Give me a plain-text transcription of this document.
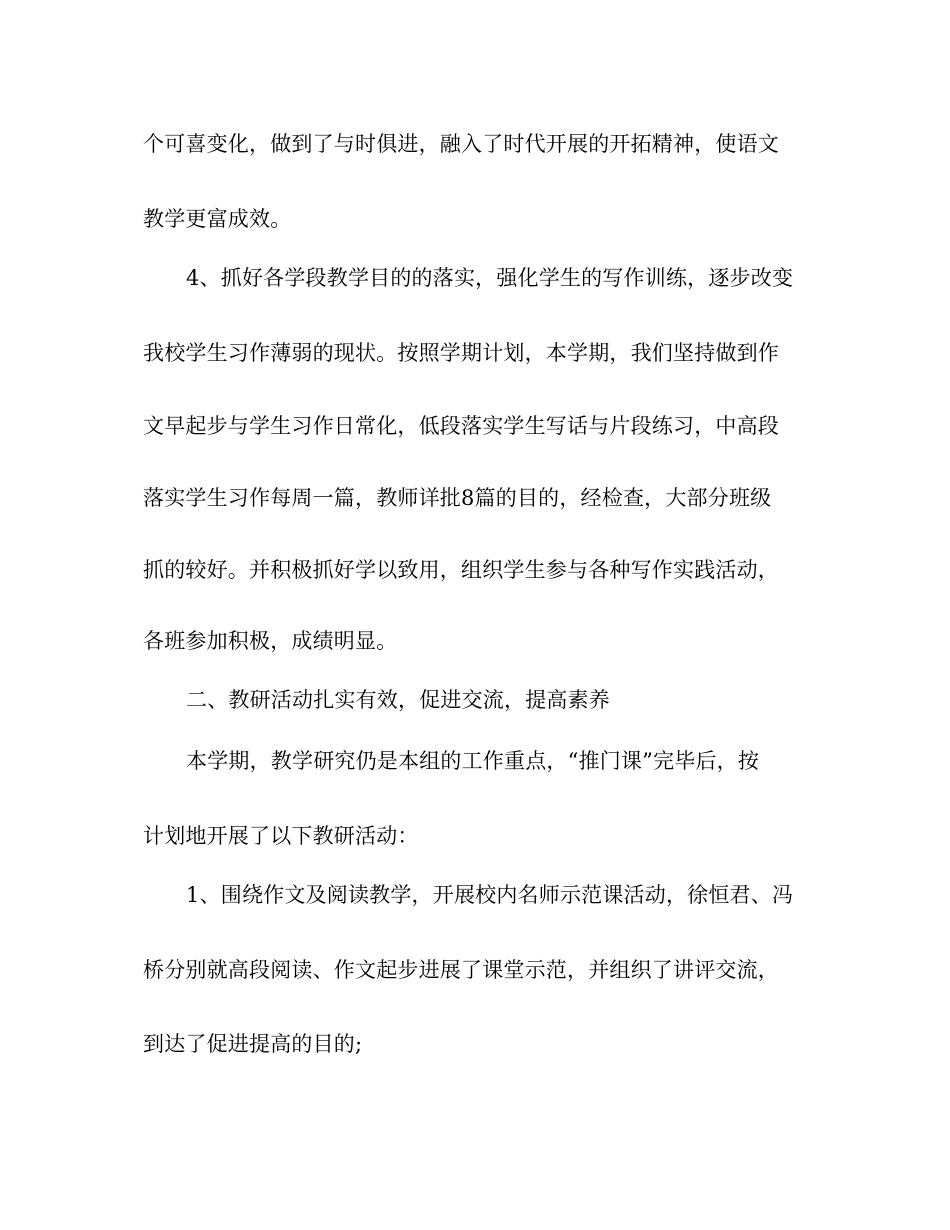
个可喜变化，做到了与时俱进，融入了时代开展的开拓精神，使语文
教学更富成效。
4、抓好各学段教学目的的落实，强化学生的写作训练，逐步改变
我校学生习作薄弱的现状。按照学期计划，本学期，我们坚持做到作
文早起步与学生习作日常化，低段落实学生写话与片段练习，中高段
落实学生习作每周一篇，教师详批8篇的目的，经检查，大部分班级
抓的较好。并积极抓好学以致用，组织学生参与各种写作实践活动，
各班参加积极，成绩明显。
二、教研活动扎实有效，促进交流，提高素养
本学期，教学研究仍是本组的工作重点，“推门课”完毕后，按
计划地开展了以下教研活动：
1、围绕作文及阅读教学，开展校内名师示范课活动，徐恒君、冯
桥分别就高段阅读、作文起步进展了课堂示范，并组织了讲评交流，
到达了促进提高的目的;
